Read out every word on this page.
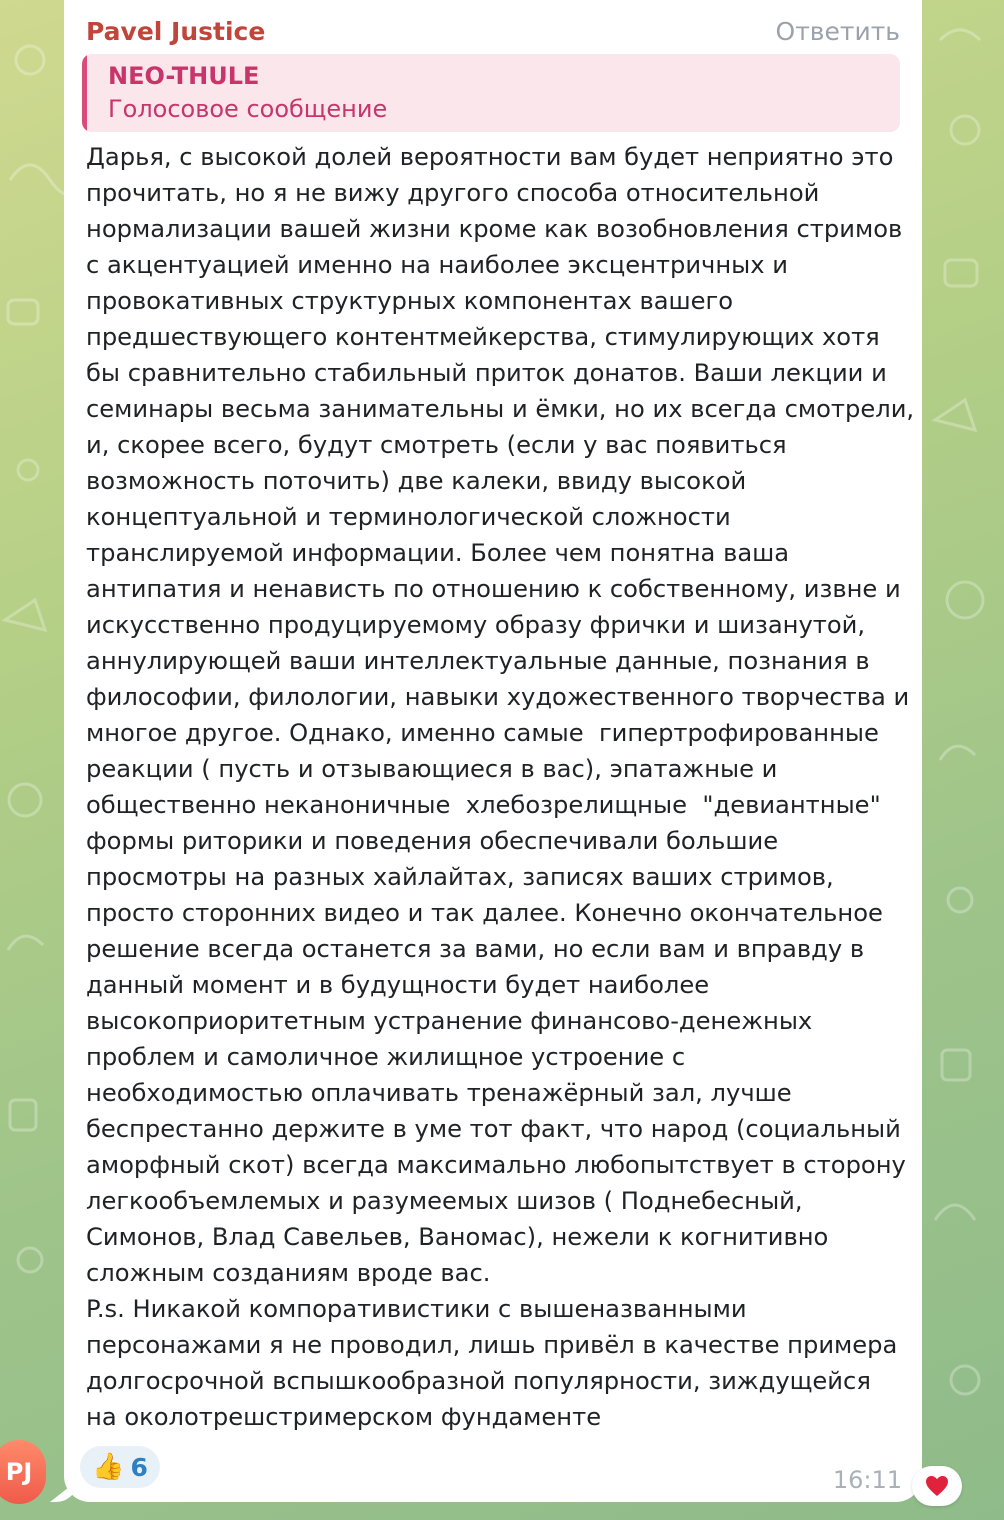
Pavel Justice	Ответить
NEO-THULE
Голосовое сообщение
Дарья, с высокой долей вероятности вам будет неприятно это
прочитать, но я не вижу другого способа относительной
нормализации вашей жизни кроме как возобновления стримов
с акцентуацией именно на наиболее эксцентричных и
провокативных структурных компонентах вашего
предшествующего контентмейкерства, стимулирующих хотя
бы сравнительно стабильный приток донатов. Ваши лекции и
семинары весьма занимательны и ёмки, но их всегда смотрели,
и, скорее всего, будут смотреть (если у вас появиться
возможность поточить) две калеки, ввиду высокой
концептуальной и терминологической сложности
транслируемой информации. Более чем понятна ваша
антипатия и ненависть по отношению к собственному, извне и
искусственно продуцируемому образу фрички и шизанутой,
аннулирующей ваши интеллектуальные данные, познания в
философии, филологии, навыки художественного творчества и
многое другое. Однако, именно самые  гипертрофированные
реакции ( пусть и отзывающиеся в вас), эпатажные и
общественно неканоничные  хлебозрелищные  "девиантные"
формы риторики и поведения обеспечивали большие
просмотры на разных хайлайтах, записях ваших стримов,
просто сторонних видео и так далее. Конечно окончательное
решение всегда останется за вами, но если вам и вправду в
данный момент и в будущности будет наиболее
высокоприоритетным устранение финансово-денежных
проблем и самоличное жилищное устроение с
необходимостью оплачивать тренажёрный зал, лучше
беспрестанно держите в уме тот факт, что народ (социальный
аморфный скот) всегда максимально любопытствует в сторону
легкообъемлемых и разумеемых шизов ( Поднебесный,
Симонов, Влад Савельев, Ваномас), нежели к когнитивно
сложным созданиям вроде вас.
P.s. Никакой компоративистики с вышеназванными
персонажами я не проводил, лишь привёл в качестве примера
долгосрочной вспышкообразной популярности, зиждущейся
на околотрешстримерском фундаменте
👍 6	16:11
PJ
